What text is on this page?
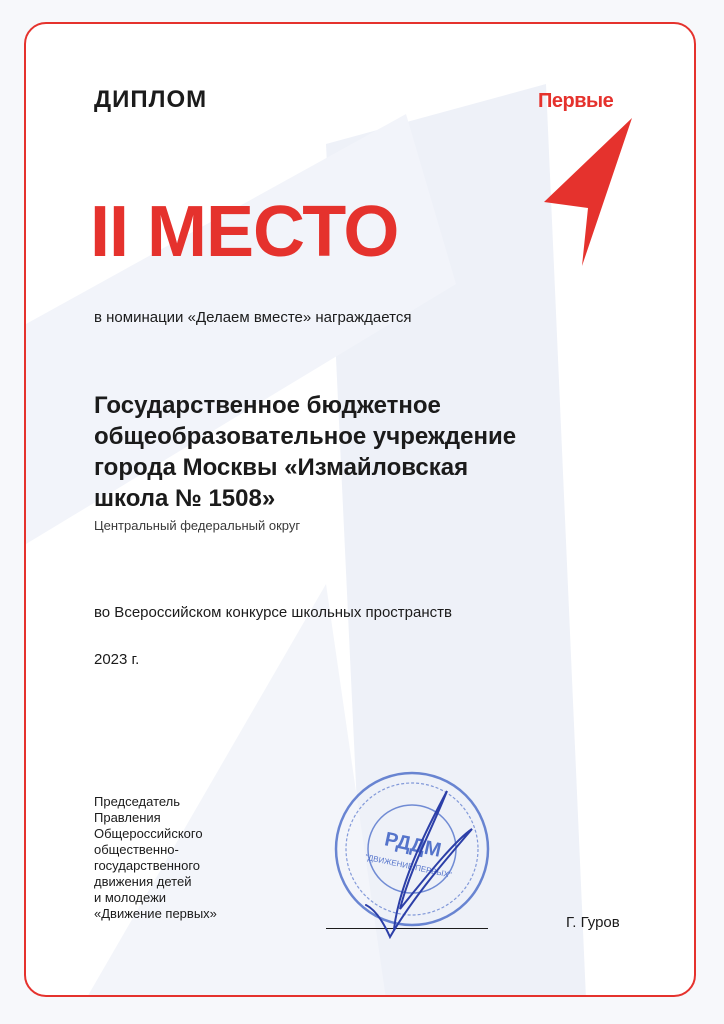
ДИПЛОМ	Первые
II МЕСТО
в номинации «Делаем вместе» награждается
Государственное бюджетное
общеобразовательное учреждение
города Москвы «Измайловская
школа № 1508»
Центральный федеральный округ
во Всероссийском конкурсе школьных пространств
2023 г.
Председатель
Правления
Общероссийского
общественно-
государственного
движения детей
и молодежи
«Движение первых»
РДДМ
"ДВИЖЕНИЕ ПЕРВЫХ"
Г. Гуров
